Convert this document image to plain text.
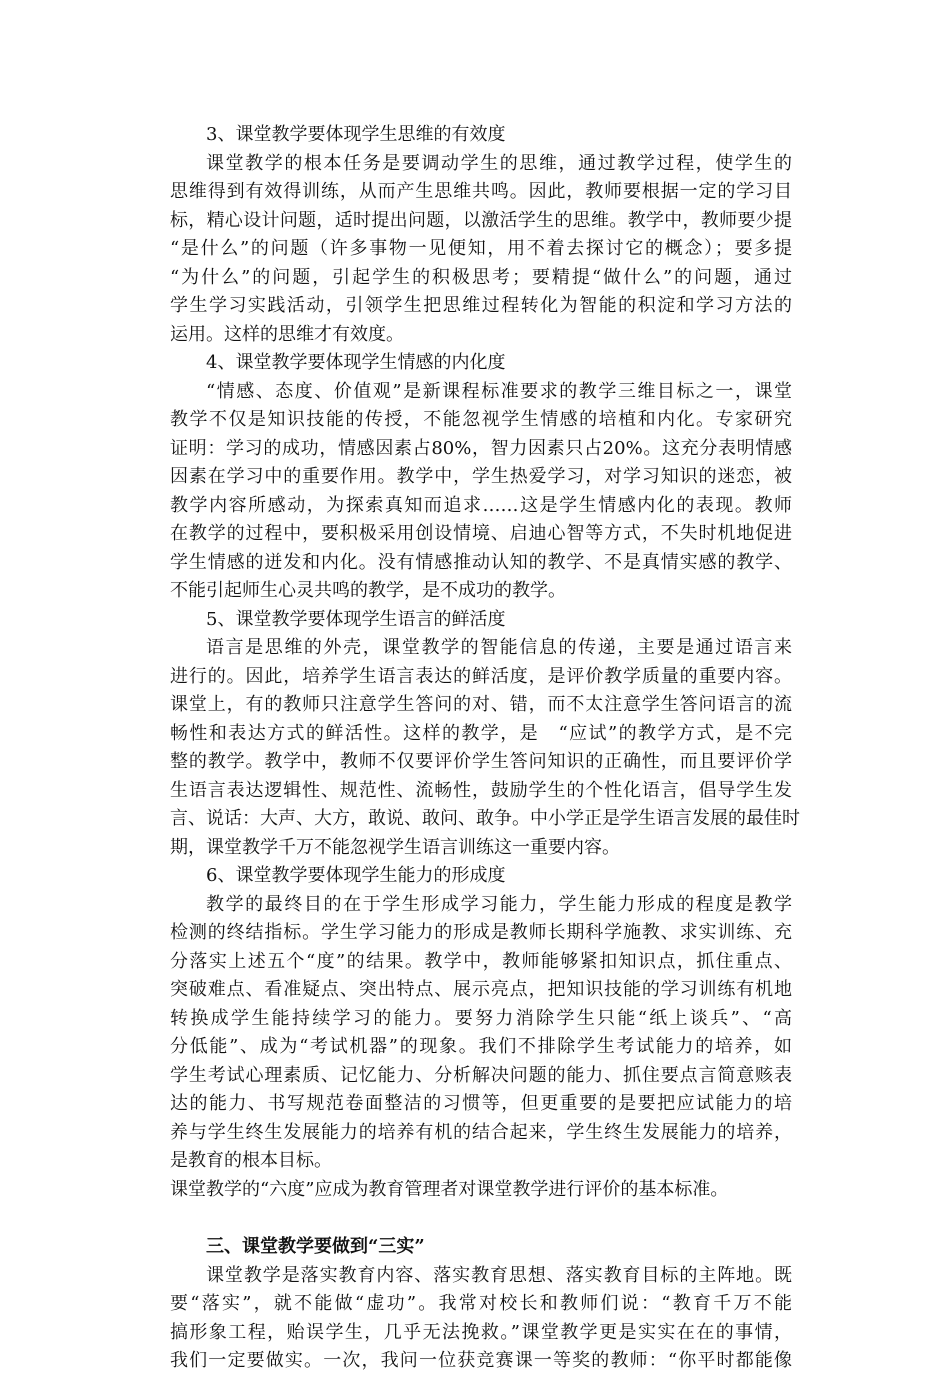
3、课堂教学要体现学生思维的有效度
课堂教学的根本任务是要调动学生的思维，通过教学过程，使学生的
思维得到有效得训练，从而产生思维共鸣。因此，教师要根据一定的学习目
标，精心设计问题，适时提出问题，以激活学生的思维。教学中，教师要少提
“是什么”的问题（许多事物一见便知，用不着去探讨它的概念）；要多提
“为什么”的问题，引起学生的积极思考；要精提“做什么”的问题，通过
学生学习实践活动，引领学生把思维过程转化为智能的积淀和学习方法的
运用。这样的思维才有效度。
4、课堂教学要体现学生情感的内化度
“情感、态度、价值观”是新课程标准要求的教学三维目标之一，课堂
教学不仅是知识技能的传授，不能忽视学生情感的培植和内化。专家研究
证明：学习的成功，情感因素占80%，智力因素只占20%。这充分表明情感
因素在学习中的重要作用。教学中，学生热爱学习，对学习知识的迷恋，被
教学内容所感动，为探索真知而追求……这是学生情感内化的表现。教师
在教学的过程中，要积极采用创设情境、启迪心智等方式，不失时机地促进
学生情感的迸发和内化。没有情感推动认知的教学、不是真情实感的教学、
不能引起师生心灵共鸣的教学，是不成功的教学。
5、课堂教学要体现学生语言的鲜活度
语言是思维的外壳，课堂教学的智能信息的传递，主要是通过语言来
进行的。因此，培养学生语言表达的鲜活度，是评价教学质量的重要内容。
课堂上，有的教师只注意学生答问的对、错，而不太注意学生答问语言的流
畅性和表达方式的鲜活性。这样的教学，是　“应试”的教学方式，是不完
整的教学。教学中，教师不仅要评价学生答问知识的正确性，而且要评价学
生语言表达逻辑性、规范性、流畅性，鼓励学生的个性化语言，倡导学生发
言、说话：大声、大方，敢说、敢问、敢争。中小学正是学生语言发展的最佳时
期，课堂教学千万不能忽视学生语言训练这一重要内容。
6、课堂教学要体现学生能力的形成度
教学的最终目的在于学生形成学习能力，学生能力形成的程度是教学
检测的终结指标。学生学习能力的形成是教师长期科学施教、求实训练、充
分落实上述五个“度”的结果。教学中，教师能够紧扣知识点，抓住重点、
突破难点、看准疑点、突出特点、展示亮点，把知识技能的学习训练有机地
转换成学生能持续学习的能力。要努力消除学生只能“纸上谈兵”、“高
分低能”、成为“考试机器”的现象。我们不排除学生考试能力的培养，如
学生考试心理素质、记忆能力、分析解决问题的能力、抓住要点言简意赅表
达的能力、书写规范卷面整洁的习惯等，但更重要的是要把应试能力的培
养与学生终生发展能力的培养有机的结合起来，学生终生发展能力的培养，
是教育的根本目标。
课堂教学的“六度”应成为教育管理者对课堂教学进行评价的基本标准。
三、课堂教学要做到“三实”
课堂教学是落实教育内容、落实教育思想、落实教育目标的主阵地。既
要“落实”，就不能做“虚功”。我常对校长和教师们说：“教育千万不能
搞形象工程，贻误学生，几乎无法挽救。”课堂教学更是实实在在的事情，
我们一定要做实。一次，我问一位获竞赛课一等奖的教师：“你平时都能像
